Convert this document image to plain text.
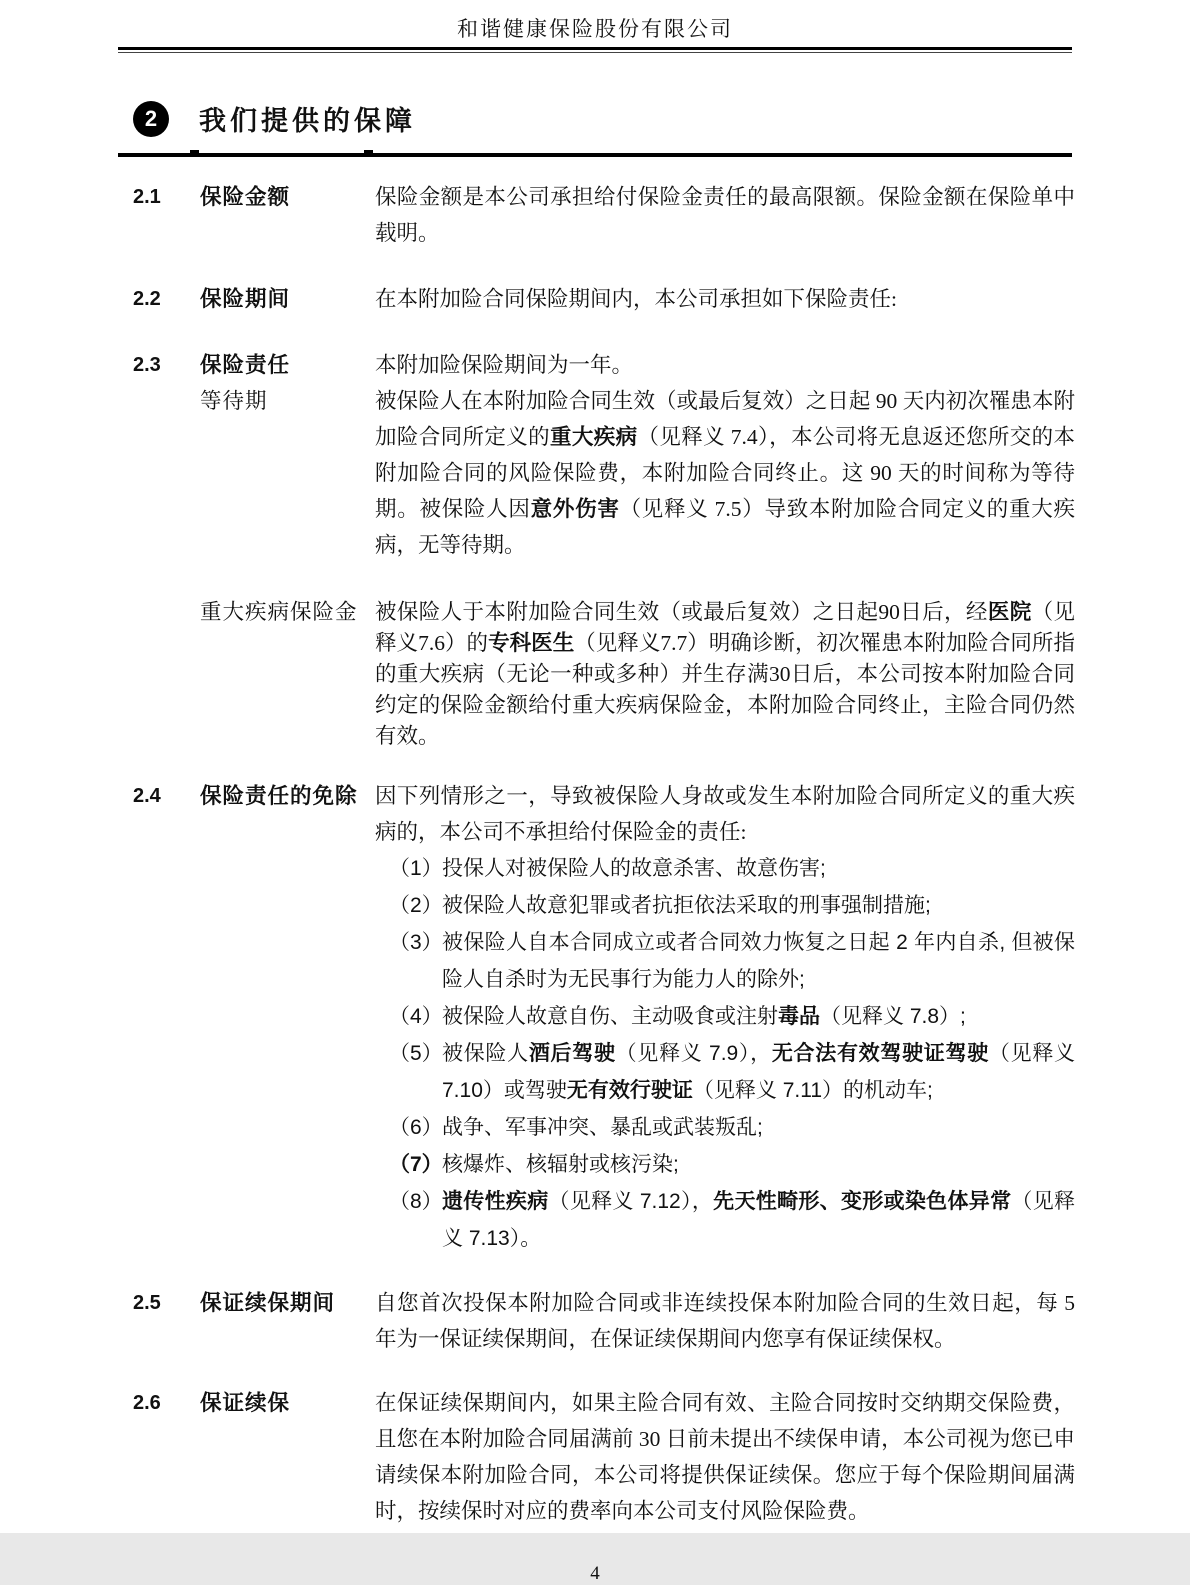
和谐健康保险股份有限公司
2	我们提供的保障
2.1	保险金额	保险金额是本公司承担给付保险金责任的最高限额。保险金额在保险单中载明。
2.2	保险期间	在本附加险合同保险期间内，本公司承担如下保险责任:
2.3	保险责任	本附加险保险期间为一年。
等待期	被保险人在本附加险合同生效（或最后复效）之日起 90 天内初次罹患本附加险合同所定义的重大疾病（见释义 7.4），本公司将无息返还您所交的本附加险合同的风险保险费，本附加险合同终止。这 90 天的时间称为等待期。被保险人因意外伤害（见释义 7.5）导致本附加险合同定义的重大疾病，无等待期。
重大疾病保险金 被保险人于本附加险合同生效（或最后复效）之日起90日后，经医院（见释义7.6）的专科医生（见释义7.7）明确诊断，初次罹患本附加险合同所指的重大疾病（无论一种或多种）并生存满30日后，本公司按本附加险合同约定的保险金额给付重大疾病保险金，本附加险合同终止，主险合同仍然有效。
2.4	保险责任的免除 因下列情形之一，导致被保险人身故或发生本附加险合同所定义的重大疾病的，本公司不承担给付保险金的责任:
（1） 投保人对被保险人的故意杀害、故意伤害;
（2） 被保险人故意犯罪或者抗拒依法采取的刑事强制措施;
（3） 被保险人自本合同成立或者合同效力恢复之日起 2 年内自杀, 但被保险人自杀时为无民事行为能力人的除外;
（4） 被保险人故意自伤、主动吸食或注射毒品（见释义 7.8）;
（5） 被保险人酒后驾驶（见释义 7.9），无合法有效驾驶证驾驶（见释义 7.10）或驾驶无有效行驶证（见释义 7.11）的机动车;
（6） 战争、军事冲突、暴乱或武装叛乱;
（7） 核爆炸、核辐射或核污染;
（8） 遗传性疾病（见释义 7.12），先天性畸形、变形或染色体异常（见释义 7.13）。
2.5	保证续保期间	自您首次投保本附加险合同或非连续投保本附加险合同的生效日起，每 5 年为一保证续保期间，在保证续保期间内您享有保证续保权。
2.6	保证续保	在保证续保期间内，如果主险合同有效、主险合同按时交纳期交保险费，且您在本附加险合同届满前 30 日前未提出不续保申请，本公司视为您已申请续保本附加险合同，本公司将提供保证续保。您应于每个保险期间届满时，按续保时对应的费率向本公司支付风险保险费。
4
